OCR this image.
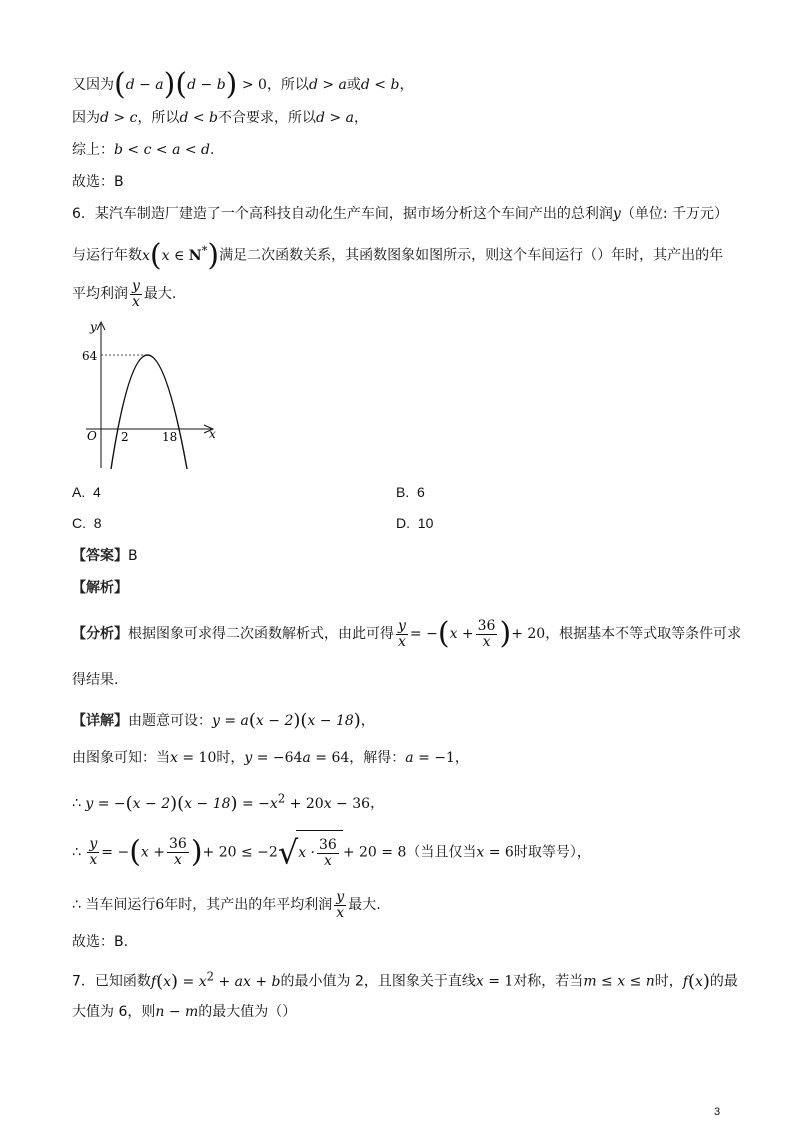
又因为(d − a)(d − b) > 0，所以d > a或d < b，
因为d > c，所以d < b不合要求，所以d > a，
综上：b < c < a < d.
故选：B
6．某汽车制造厂建造了一个高科技自动化生产车间，据市场分析这个车间产出的总利润y（单位: 千万元）
与运行年数x(x ∈ N*)满足二次函数关系，其函数图象如图所示，则这个车间运行（）年时，其产出的年
平均利润 $\frac{y}{x}$ 最大.
y
x
O
64
2	18
A. 4	B. 6
C. 8	D. 10
【答案】B
【解析】
【分析】根据图象可求得二次函数解析式，由此可得 $\frac{y}{x} = -(x + \frac{36}{x}$ )+ 20，根据基本不等式取等条件可求
得结果.
【详解】由题意可设：y = a(x − 2)(x − 18)，
由图象可知：当x = 10时，y = −64a = 64，解得：a = −1，
∴ $y = -(x - 2)(x - 18) = -x^2 + 20x - 36$，
∴ $\frac{y}{x} = -(x + \frac{36}{x}$ )+ $20 \le -2√x \cdot \frac{36}{x} + 20 = 8$（当且仅当x = 6时取等号），
∴ 当车间运行6年时，其产出的年平均利润 $\frac{y}{x}$ 最大.
故选：B.
7．已知函数$f(x) = x^2$ + ax + b的最小值为 2，且图象关于直线x = 1对称，若当m ≤ x ≤ n时，f(x)的最
大值为 6，则n − m的最大值为（）
3
